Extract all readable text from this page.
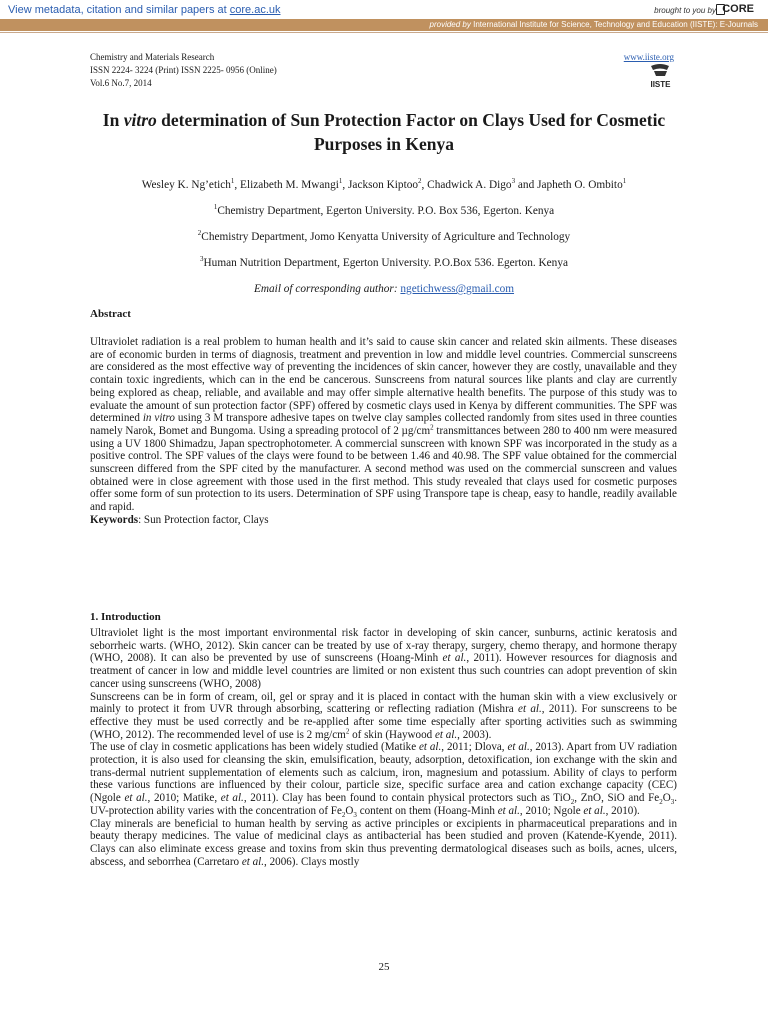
View metadata, citation and similar papers at core.ac.uk	brought to you by CORE
provided by International Institute for Science, Technology and Education (IISTE): E-Journals
Chemistry and Materials Research
ISSN 2224- 3224 (Print) ISSN 2225- 0956 (Online)
Vol.6 No.7, 2014
www.iiste.org
IISTE
In vitro determination of Sun Protection Factor on Clays Used for Cosmetic Purposes in Kenya
Wesley K. Ng’etich$^1$, Elizabeth M. Mwangi$^1$, Jackson Kiptoo$^2$, Chadwick A. Digo$^3$ and Japheth O. Ombito$^1$
$^1$Chemistry Department, Egerton University. P.O. Box 536, Egerton. Kenya
$^2$Chemistry Department, Jomo Kenyatta University of Agriculture and Technology
$^3$Human Nutrition Department, Egerton University. P.O.Box 536. Egerton. Kenya
Email of corresponding author: ngetichwess@gmail.com
Abstract
Ultraviolet radiation is a real problem to human health and it’s said to cause skin cancer and related skin ailments. These diseases are of economic burden in terms of diagnosis, treatment and prevention in low and middle level countries. Commercial sunscreens are considered as the most effective way of preventing the incidences of skin cancer, however they are costly, unavailable and they contain toxic ingredients, which can in the end be cancerous. Sunscreens from natural sources like plants and clay are currently being explored as cheap, reliable, and available and may offer simple alternative health benefits. The purpose of this study was to evaluate the amount of sun protection factor (SPF) offered by cosmetic clays used in Kenya by different communities. The SPF was determined in vitro using 3 M transpore adhesive tapes on twelve clay samples collected randomly from sites used in three counties namely Narok, Bomet and Bungoma. Using a spreading protocol of 2 $\mu g/cm^2$ transmittances between 280 to 400 nm were measured using a UV 1800 Shimadzu, Japan spectrophotometer. A commercial sunscreen with known SPF was incorporated in the study as a positive control. The SPF values of the clays were found to be between 1.46 and 40.98. The SPF value obtained for the commercial sunscreen differed from the SPF cited by the manufacturer. A second method was used on the commercial sunscreen and values obtained were in close agreement with those used in the first method. This study revealed that clays used for cosmetic purposes offer some form of sun protection to its users. Determination of SPF using Transpore tape is cheap, easy to handle, readily available and rapid.
Keywords: Sun Protection factor, Clays
1. Introduction
Ultraviolet light is the most important environmental risk factor in developing of skin cancer, sunburns, actinic keratosis and seborrheic warts. (WHO, 2012). Skin cancer can be treated by use of x-ray therapy, surgery, chemo therapy, and hormone therapy (WHO, 2008). It can also be prevented by use of sunscreens (Hoang-Minh et al., 2011). However resources for diagnosis and treatment of cancer in low and middle level countries are limited or non existent thus such countries can adopt prevention of skin cancer using sunscreens (WHO, 2008)
Sunscreens can be in form of cream, oil, gel or spray and it is placed in contact with the human skin with a view exclusively or mainly to protect it from UVR through absorbing, scattering or reflecting radiation (Mishra et al., 2011). For sunscreens to be effective they must be used correctly and be re-applied after some time especially after sporting activities such as swimming (WHO, 2012). The recommended level of use is 2 $mg/cm^2$ of skin (Haywood et al., 2003).
The use of clay in cosmetic applications has been widely studied (Matike et al., 2011; Dlova, et al., 2013). Apart from UV radiation protection, it is also used for cleansing the skin, emulsification, beauty, adsorption, detoxification, ion exchange with the skin and trans-dermal nutrient supplementation of elements such as calcium, iron, magnesium and potassium. Ability of clays to perform these various functions are influenced by their colour, particle size, specific surface area and cation exchange capacity (CEC) (Ngole et al., 2010; Matike, et al., 2011). Clay has been found to contain physical protectors such as TiO$_2$, ZnO, SiO and $Fe_2O_3$. UV-protection ability varies with the concentration of $Fe_2O_3$ content on them (Hoang-Minh et al., 2010; Ngole et al., 2010).
Clay minerals are beneficial to human health by serving as active principles or excipients in pharmaceutical preparations and in beauty therapy medicines. The value of medicinal clays as antibacterial has been studied and proven (Katende-Kyende, 2011). Clays can also eliminate excess grease and toxins from skin thus preventing dermatological diseases such as boils, acnes, ulcers, abscess, and seborrhea (Carretaro et al., 2006). Clays mostly
25
